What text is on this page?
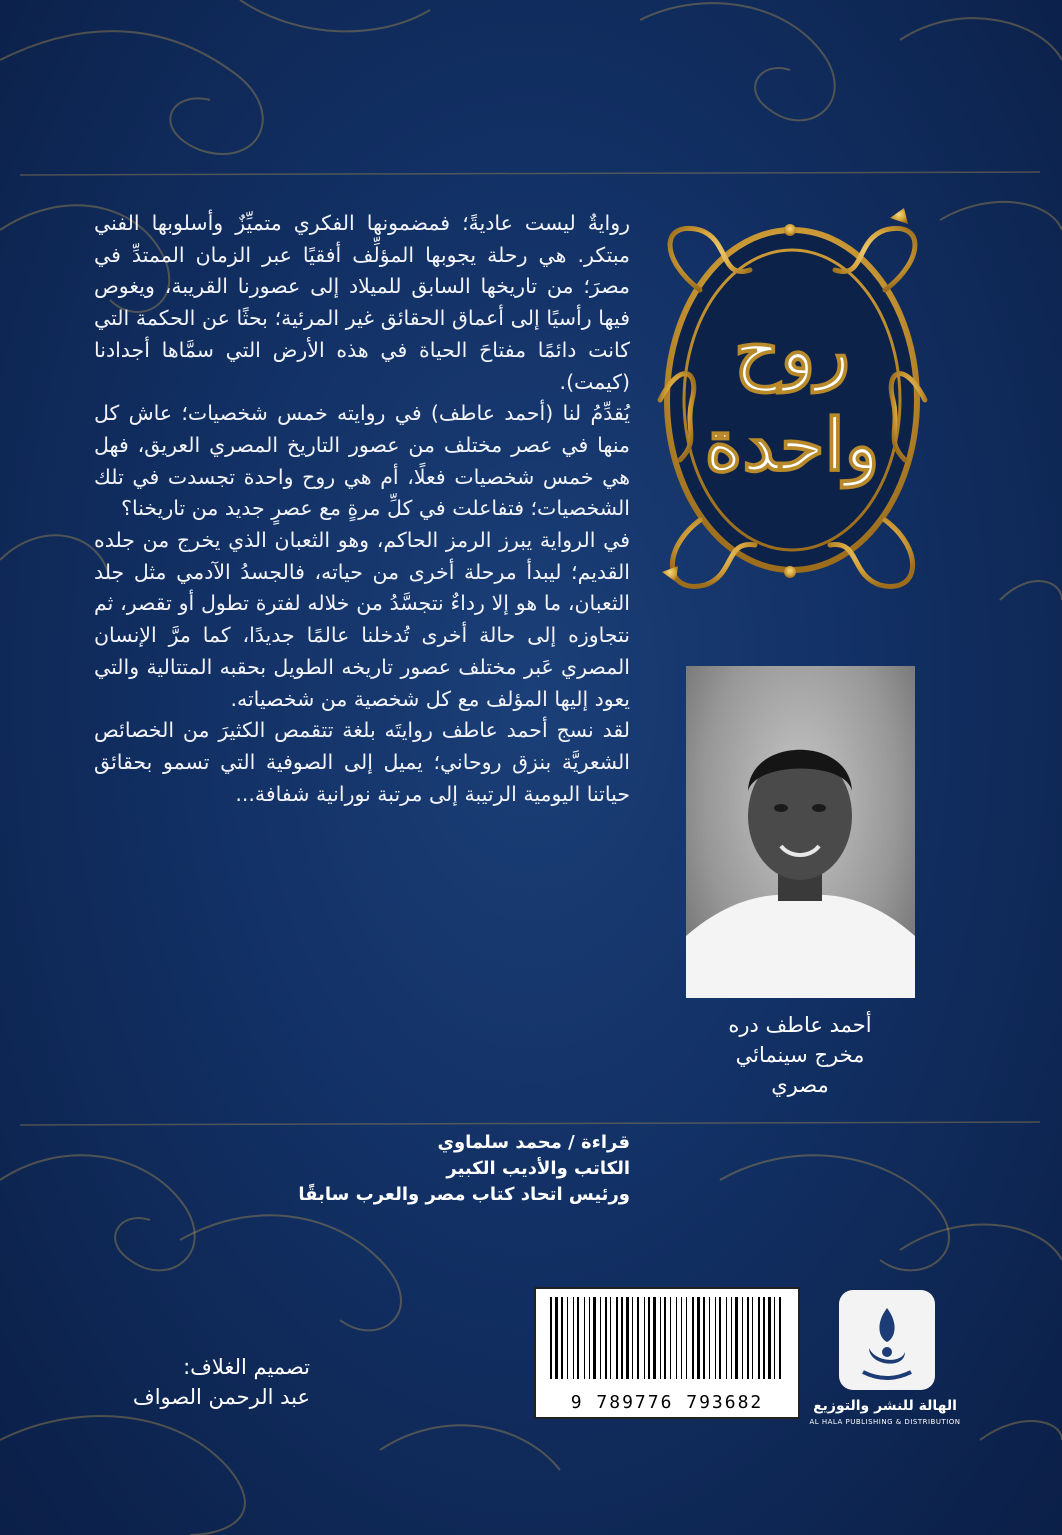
روايةٌ ليست عاديةً؛ فمضمونها الفكري متميِّزٌ وأسلوبها الفني مبتكر. هي رحلة يجوبها المؤلِّف أفقيًا عبر الزمان الممتدِّ في مصرَ؛ من تاريخها السابق للميلاد إلى عصورنا القريبة، ويغوص فيها رأسيًا إلى أعماق الحقائق غير المرئية؛ بحثًا عن الحكمة التي كانت دائمًا مفتاحَ الحياة في هذه الأرض التي سمَّاها أجدادنا (كيمت).

يُقدِّمُ لنا (أحمد عاطف) في روايته خمس شخصيات؛ عاش كل منها في عصر مختلف من عصور التاريخ المصري العريق، فهل هي خمس شخصيات فعلًا، أم هي روح واحدة تجسدت في تلك الشخصيات؛ فتفاعلت في كلِّ مرةٍ مع عصرٍ جديد من تاريخنا؟

في الرواية يبرز الرمز الحاكم، وهو الثعبان الذي يخرج من جلده القديم؛ ليبدأ مرحلة أخرى من حياته، فالجسدُ الآدمي مثل جلد الثعبان، ما هو إلا رداءٌ نتجسَّدُ من خلاله لفترة تطول أو تقصر، ثم نتجاوزه إلى حالة أخرى تُدخلنا عالمًا جديدًا، كما مرَّ الإنسان المصري عَبر مختلف عصور تاريخه الطويل بحقبه المتتالية والتي يعود إليها المؤلف مع كل شخصية من شخصياته.

لقد نسج أحمد عاطف روايتَه بلغة تتقمص الكثيرَ من الخصائص الشعريَّة بنزق روحاني؛ يميل إلى الصوفية التي تسمو بحقائق حياتنا اليومية الرتيبة إلى مرتبة نورانية شفافة...

قراءة / محمد سلماوي
الكاتب والأديب الكبير
ورئيس اتحاد كتاب مصر والعرب سابقًا
روح
واحدة
أحمد عاطف دره
مخرج سينمائي
مصري
تصميم الغلاف:
عبد الرحمن الصواف	9 789776 793682	الهالة للنشر والتوزيع
AL HALA PUBLISHING & DISTRIBUTION
